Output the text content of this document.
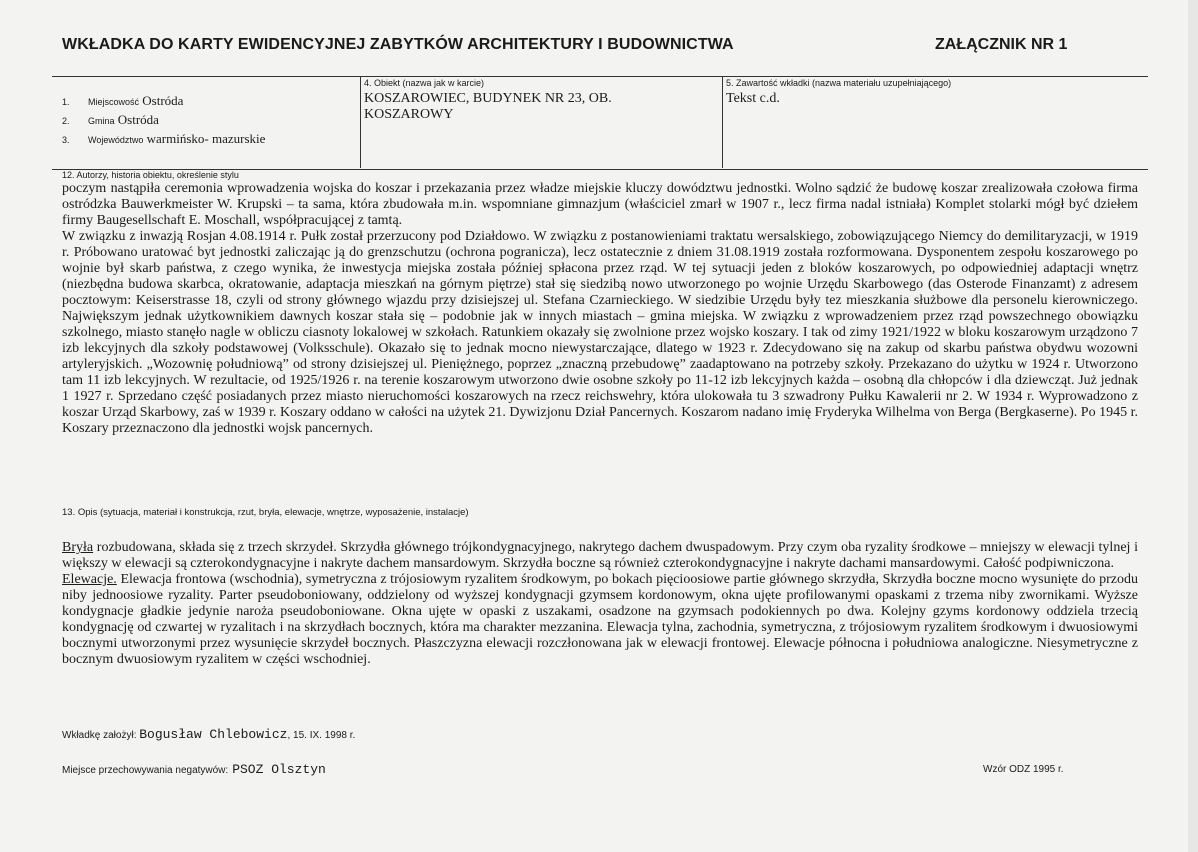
WKŁADKA DO KARTY EWIDENCYJNEJ ZABYTKÓW ARCHITEKTURY I BUDOWNICTWA	ZAŁĄCZNIK NR 1
1. Miejscowość Ostróda
2. Gmina Ostróda
3. Województwo warmińsko- mazurskie
4. Obiekt (nazwa jak w karcie)
KOSZAROWIEC, BUDYNEK NR 23, OB.
KOSZAROWY
5. Zawartość wkładki (nazwa materiału uzupełniającego)
Tekst c.d.
12. Autorzy, historia obiektu, określenie stylu

poczym nastąpiła ceremonia wprowadzenia wojska do koszar i przekazania przez władze miejskie kluczy dowództwu jednostki. Wolno sądzić że budowę koszar zrealizowała czołowa firma ostródzka Bauwerkmeister W. Krupski – ta sama, która zbudowała m.in. wspomniane gimnazjum (właściciel zmarł w 1907 r., lecz firma nadal istniała) Komplet stolarki mógł być dziełem firmy Baugesellschaft E. Moschall, współpracującej z tamtą.

W związku z inwazją Rosjan 4.08.1914 r. Pułk został przerzucony pod Działdowo. W związku z postanowieniami traktatu wersalskiego, zobowiązującego Niemcy do demilitaryzacji, w 1919 r. Próbowano uratować byt jednostki zaliczając ją do grenzschutzu (ochrona pogranicza), lecz ostatecznie z dniem 31.08.1919 została rozformowana. Dysponentem zespołu koszarowego po wojnie był skarb państwa, z czego wynika, że inwestycja miejska została później spłacona przez rząd. W tej sytuacji jeden z bloków koszarowych, po odpowiedniej adaptacji wnętrz (niezbędna budowa skarbca, okratowanie, adaptacja mieszkań na górnym piętrze) stał się siedzibą nowo utworzonego po wojnie Urzędu Skarbowego (das Osterode Finanzamt) z adresem pocztowym: Keiserstrasse 18, czyli od strony głównego wjazdu przy dzisiejszej ul. Stefana Czarnieckiego. W siedzibie Urzędu były tez mieszkania służbowe dla personelu kierowniczego. Największym jednak użytkownikiem dawnych koszar stała się – podobnie jak w innych miastach – gmina miejska. W związku z wprowadzeniem przez rząd powszechnego obowiązku szkolnego, miasto stanęło nagle w obliczu ciasnoty lokalowej w szkołach. Ratunkiem okazały się zwolnione przez wojsko koszary. I tak od zimy 1921/1922 w bloku koszarowym urządzono 7 izb lekcyjnych dla szkoły podstawowej (Volksschule). Okazało się to jednak mocno niewystarczające, dlatego w 1923 r. Zdecydowano się na zakup od skarbu państwa obydwu wozowni artyleryjskich. „Wozownię południową” od strony dzisiejszej ul. Pieniężnego, poprzez „znaczną przebudowę” zaadaptowano na potrzeby szkoły. Przekazano do użytku w 1924 r. Utworzono tam 11 izb lekcyjnych. W rezultacie, od 1925/1926 r. na terenie koszarowym utworzono dwie osobne szkoły po 11-12 izb lekcyjnych każda – osobną dla chłopców i dla dziewcząt. Już jednak 1 1927 r. Sprzedano część posiadanych przez miasto nieruchomości koszarowych na rzecz reichswehry, która ulokowała tu 3 szwadrony Pułku Kawalerii nr 2. W 1934 r. Wyprowadzono z koszar Urząd Skarbowy, zaś w 1939 r. Koszary oddano w całości na użytek 21. Dywizjonu Dział Pancernych. Koszarom nadano imię Fryderyka Wilhelma von Berga (Bergkaserne). Po 1945 r. Koszary przeznaczono dla jednostki wojsk pancernych.

13. Opis (sytuacja, materiał i konstrukcja, rzut, bryła, elewacje, wnętrze, wyposażenie, instalacje)

Bryła rozbudowana, składa się z trzech skrzydeł. Skrzydła głównego trójkondygnacyjnego, nakrytego dachem dwuspadowym. Przy czym oba ryzality środkowe – mniejszy w elewacji tylnej i większy w elewacji są czterokondygnacyjne i nakryte dachem mansardowym. Skrzydła boczne są również czterokondygnacyjne i nakryte dachami mansardowymi. Całość podpiwniczona.

Elewacje. Elewacja frontowa (wschodnia), symetryczna z trójosiowym ryzalitem środkowym, po bokach pięcioosiowe partie głównego skrzydła, Skrzydła boczne mocno wysunięte do przodu niby jednoosiowe ryzality. Parter pseudoboniowany, oddzielony od wyższej kondygnacji gzymsem kordonowym, okna ujęte profilowanymi opaskami z trzema niby zwornikami. Wyższe kondygnacje gładkie jedynie naroża pseudoboniowane. Okna ujęte w opaski z uszakami, osadzone na gzymsach podokiennych po dwa. Kolejny gzyms kordonowy oddziela trzecią kondygnację od czwartej w ryzalitach i na skrzydłach bocznych, która ma charakter mezzanina. Elewacja tylna, zachodnia, symetryczna, z trójosiowym ryzalitem środkowym i dwuosiowymi bocznymi utworzonymi przez wysunięcie skrzydeł bocznych. Płaszczyzna elewacji rozczłonowana jak w elewacji frontowej. Elewacje północna i południowa analogiczne. Niesymetryczne z bocznym dwuosiowym ryzalitem w części wschodniej.

Wkładkę założył: Bogusław Chlebowicz, 15. IX. 1998 r.
Miejsce przechowywania negatywów: PSOZ Olsztyn	Wzór ODZ 1995 r.
